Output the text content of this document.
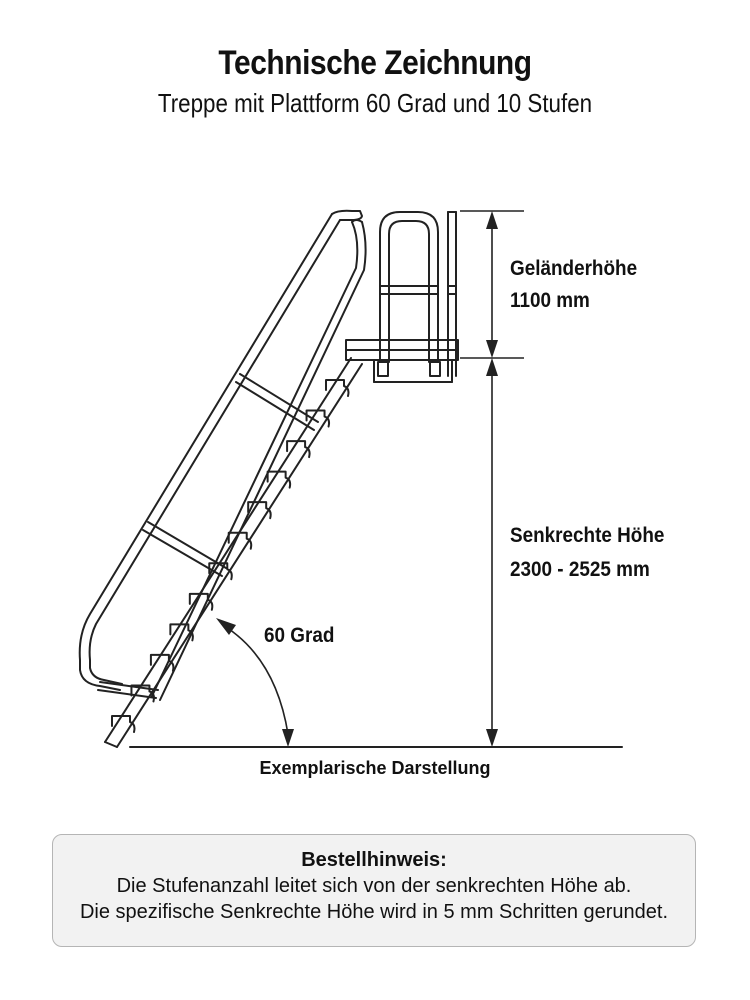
Technische Zeichnung
Treppe mit Plattform 60 Grad und 10 Stufen
Geländerhöhe
1100 mm
Senkrechte Höhe
2300 - 2525 mm
60 Grad
Exemplarische Darstellung
Bestellhinweis:
Die Stufenanzahl leitet sich von der senkrechten Höhe ab.
Die spezifische Senkrechte Höhe wird in 5 mm Schritten gerundet.
